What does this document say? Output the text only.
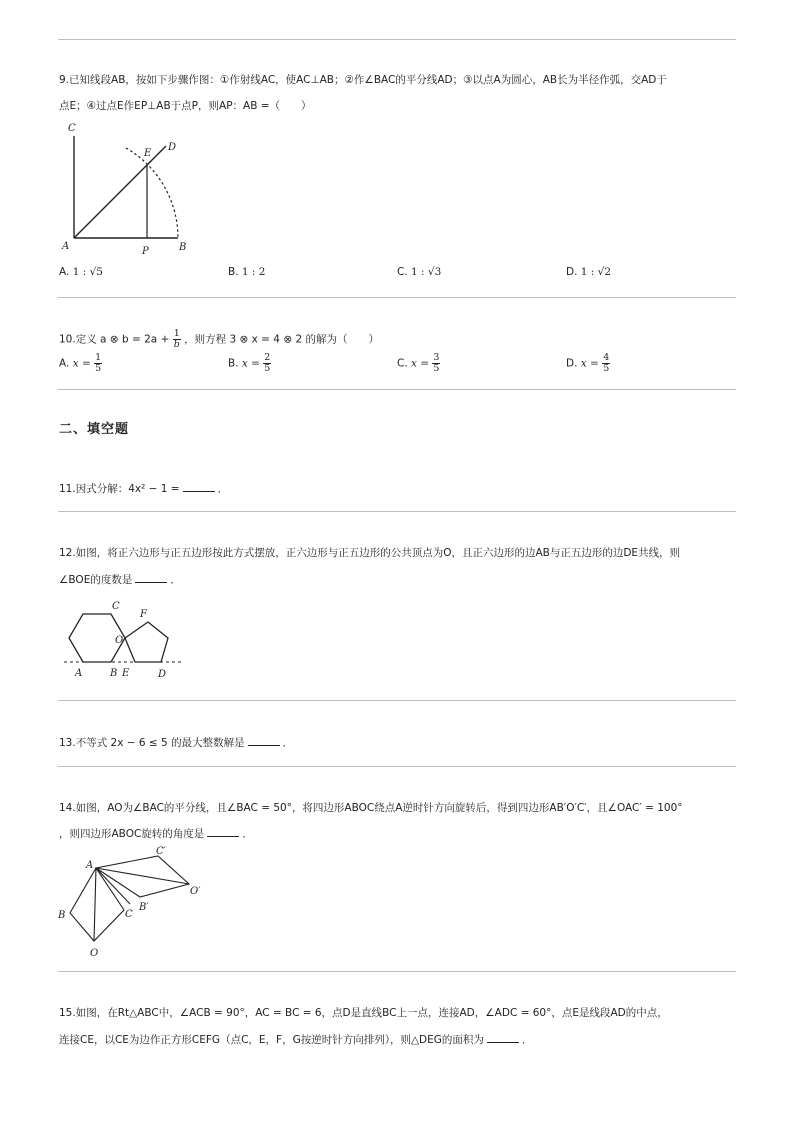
9.已知线段AB，按如下步骤作图：①作射线AC，使AC⊥AB；②作∠BAC的平分线AD；③以点A为圆心，AB长为半径作弧，交AD于
点E；④过点E作EP⊥AB于点P，则AP：AB =（　　）
C
E
D
A	P	B
A. 1 : √5	B. 1 : 2	C. 1 : √3	D. 1 : √2
10.定义 a ⊗ $b = 2a + \frac{1}{b}$ ，则方程 3 ⊗ x = 4 ⊗ 2 的解为（　　）
A. $x = \frac{1}{5}$	B. $x = \frac{2}{5}$	C. $x = \frac{3}{5}$	D. $x = \frac{4}{5}$
二、填空题
11.因式分解：4x² − 1 =	．
12.如图，将正六边形与正五边形按此方式摆放，正六边形与正五边形的公共顶点为O，且正六边形的边AB与正五边形的边DE共线，则
∠BOE的度数是	．
C
F
O
A	B E	D
13.不等式 2x − 6 ≤ 5 的最大整数解是	．
14.如图，AO为∠BAC的平分线，且∠BAC = 50°，将四边形ABOC绕点A逆时针方向旋转后，得到四边形AB′O′C′，且∠OAC′ = 100°
，则四边形ABOC旋转的角度是	．
A
C′
O′
B′
B	C
O
15.如图，在Rt△ABC中，∠ACB = 90°，AC = BC = 6，点D是直线BC上一点，连接AD，∠ADC = 60°，点E是线段AD的中点，
连接CE，以CE为边作正方形CEFG（点C，E，F，G按逆时针方向排列），则△DEG的面积为	．
